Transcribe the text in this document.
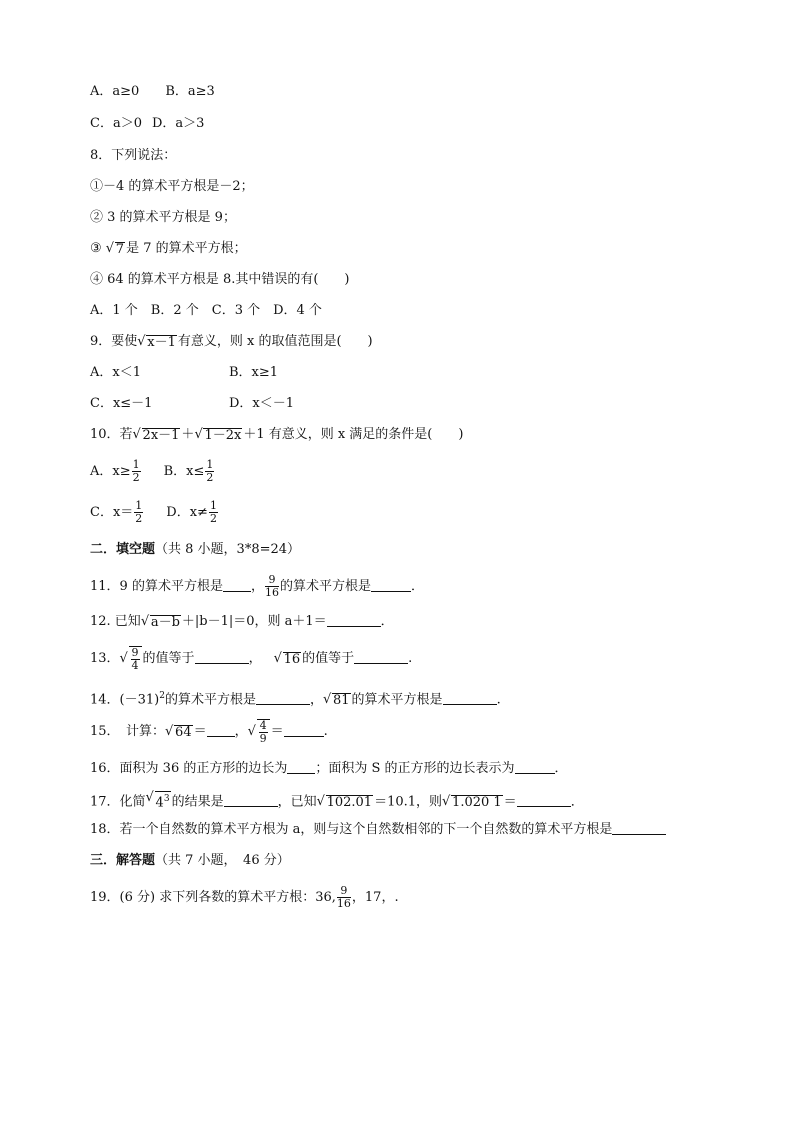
A．a≥0 B．a≥3
C．a＞0 D．a＞3
8．下列说法：
①－4 的算术平方根是－2；
② 3 的算术平方根是 9；
③ √ 7 是 7 的算术平方根；
④ 64 的算术平方根是 8.其中错误的有(　　)
A．1 个　B．2 个　C．3 个　D．4 个
9．要使 √ x－1 有意义，则 x 的取值范围是(　　)
A．x＜1	B．x≥1
C．x≤－1	D．x＜－1
10．若 √ 2x－1 ＋ √ 1－2x ＋1 有意义，则 x 满足的条件是(　　)
A．$x\ge \frac{1}{2}$ B．$x\le \frac{1}{2}$
C．$x= \frac{1}{2}$ D．$x\ne \frac{1}{2}$
二．填空题（共 8 小题，3*8=24）
11．9 的算术平方根是 ， $\frac{9}{16}$ 的算术平方根是	．
12. 已知 √ a－b ＋|b－1|＝0，则 a＋1＝	．
13． √ $\frac{9}{4}$ 的值等于	， √ 16 的值等于	.
14．$(-31)^2$的算术平方根是	， √ 81 的算术平方根是	.
15．　计算： √ 64 ＝ ， √ $\frac{4}{9}$ ＝	.
16．面积为 36 的正方形的边长为 ；面积为 S 的正方形的边长表示为	．
17．化简 √ $4^3$ 的结果是	，已知 √ 102.01 ＝10.1，则 √ 1.020 1 ＝	．
18．若一个自然数的算术平方根为 a，则与这个自然数相邻的下一个自然数的算术平方根是
三．解答题（共 7 小题，　46 分）
19．(6 分) 求下列各数的算术平方根：36, $\frac{9}{16}$ ，17，.
